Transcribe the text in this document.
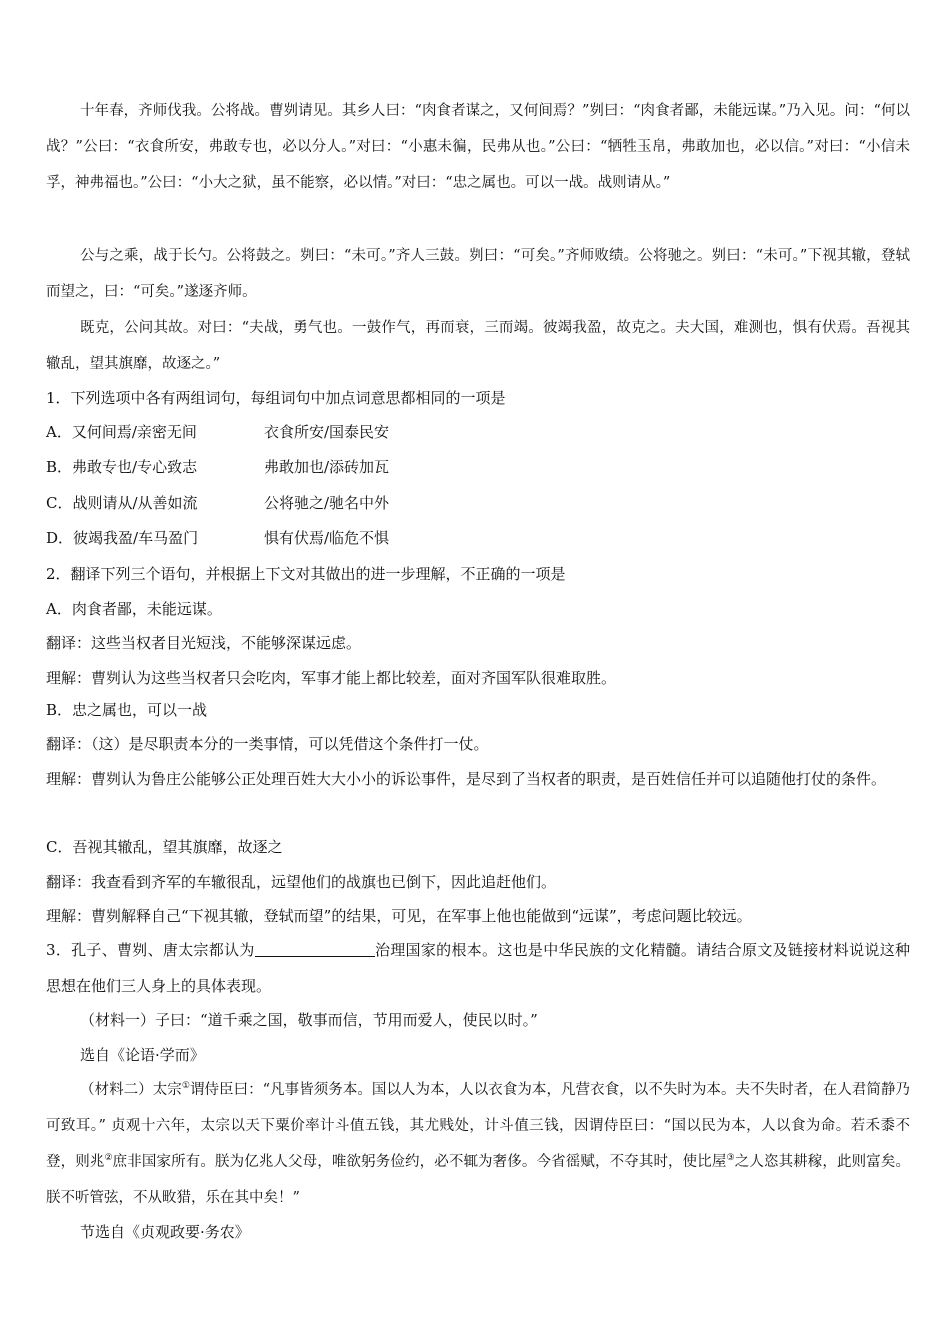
十年春，齐师伐我。公将战。曹刿请见。其乡人曰：“肉食者谋之，又何间焉？”刿曰：“肉食者鄙，未能远谋。”乃入见。问：“何以战？”公曰：“衣食所安，弗敢专也，必以分人。”对曰：“小惠未徧，民弗从也。”公曰：“牺牲玉帛，弗敢加也，必以信。”对曰：“小信未孚，神弗福也。”公曰：“小大之狱，虽不能察，必以情。”对曰：“忠之属也。可以一战。战则请从。”

公与之乘，战于长勺。公将鼓之。刿曰：“未可。”齐人三鼓。刿曰：“可矣。”齐师败绩。公将驰之。刿曰：“未可。”下视其辙，登轼而望之，曰：“可矣。”遂逐齐师。

既克，公问其故。对曰：“夫战，勇气也。一鼓作气，再而衰，三而竭。彼竭我盈，故克之。夫大国，难测也，惧有伏焉。吾视其辙乱，望其旗靡，故逐之。”

1．下列选项中各有两组词句，每组词句中加点词意思都相同的一项是

A．又何间焉/亲密无间	衣食所安/国泰民安

B．弗敢专也/专心致志	弗敢加也/添砖加瓦

C．战则请从/从善如流	公将驰之/驰名中外

D．彼竭我盈/车马盈门	惧有伏焉/临危不惧

2．翻译下列三个语句，并根据上下文对其做出的进一步理解，不正确的一项是

A．肉食者鄙，未能远谋。

翻译：这些当权者目光短浅，不能够深谋远虑。

理解：曹刿认为这些当权者只会吃肉，军事才能上都比较差，面对齐国军队很难取胜。

B．忠之属也，可以一战

翻译：（这）是尽职责本分的一类事情，可以凭借这个条件打一仗。

理解：曹刿认为鲁庄公能够公正处理百姓大大小小的诉讼事件，是尽到了当权者的职责，是百姓信任并可以追随他打仗的条件。

C．吾视其辙乱，望其旗靡，故逐之

翻译：我查看到齐军的车辙很乱，远望他们的战旗也已倒下，因此追赶他们。

理解：曹刿解释自己“下视其辙，登轼而望”的结果，可见，在军事上他也能做到“远谋”，考虑问题比较远。

3．孔子、曹刿、唐太宗都认为	治理国家的根本。这也是中华民族的文化精髓。请结合原文及链接材料说说这种思想在他们三人身上的具体表现。

（材料一）子曰：“道千乘之国，敬事而信，节用而爱人，使民以时。”

选自《论语·学而》

（材料二）太宗①谓侍臣曰：“凡事皆须务本。国以人为本，人以衣食为本，凡营衣食，以不失时为本。夫不失时者，在人君简静乃可致耳。” 贞观十六年，太宗以天下粟价率计斗值五钱，其尤贱处，计斗值三钱，因谓侍臣曰：“国以民为本，人以食为命。若禾黍不登，则兆②庶非国家所有。朕为亿兆人父母，唯欲躬务俭约，必不辄为奢侈。今省徭赋，不夺其时，使比屋③之人恣其耕稼，此则富矣。朕不听管弦，不从畋猎，乐在其中矣！”

节选自《贞观政要·务农》
